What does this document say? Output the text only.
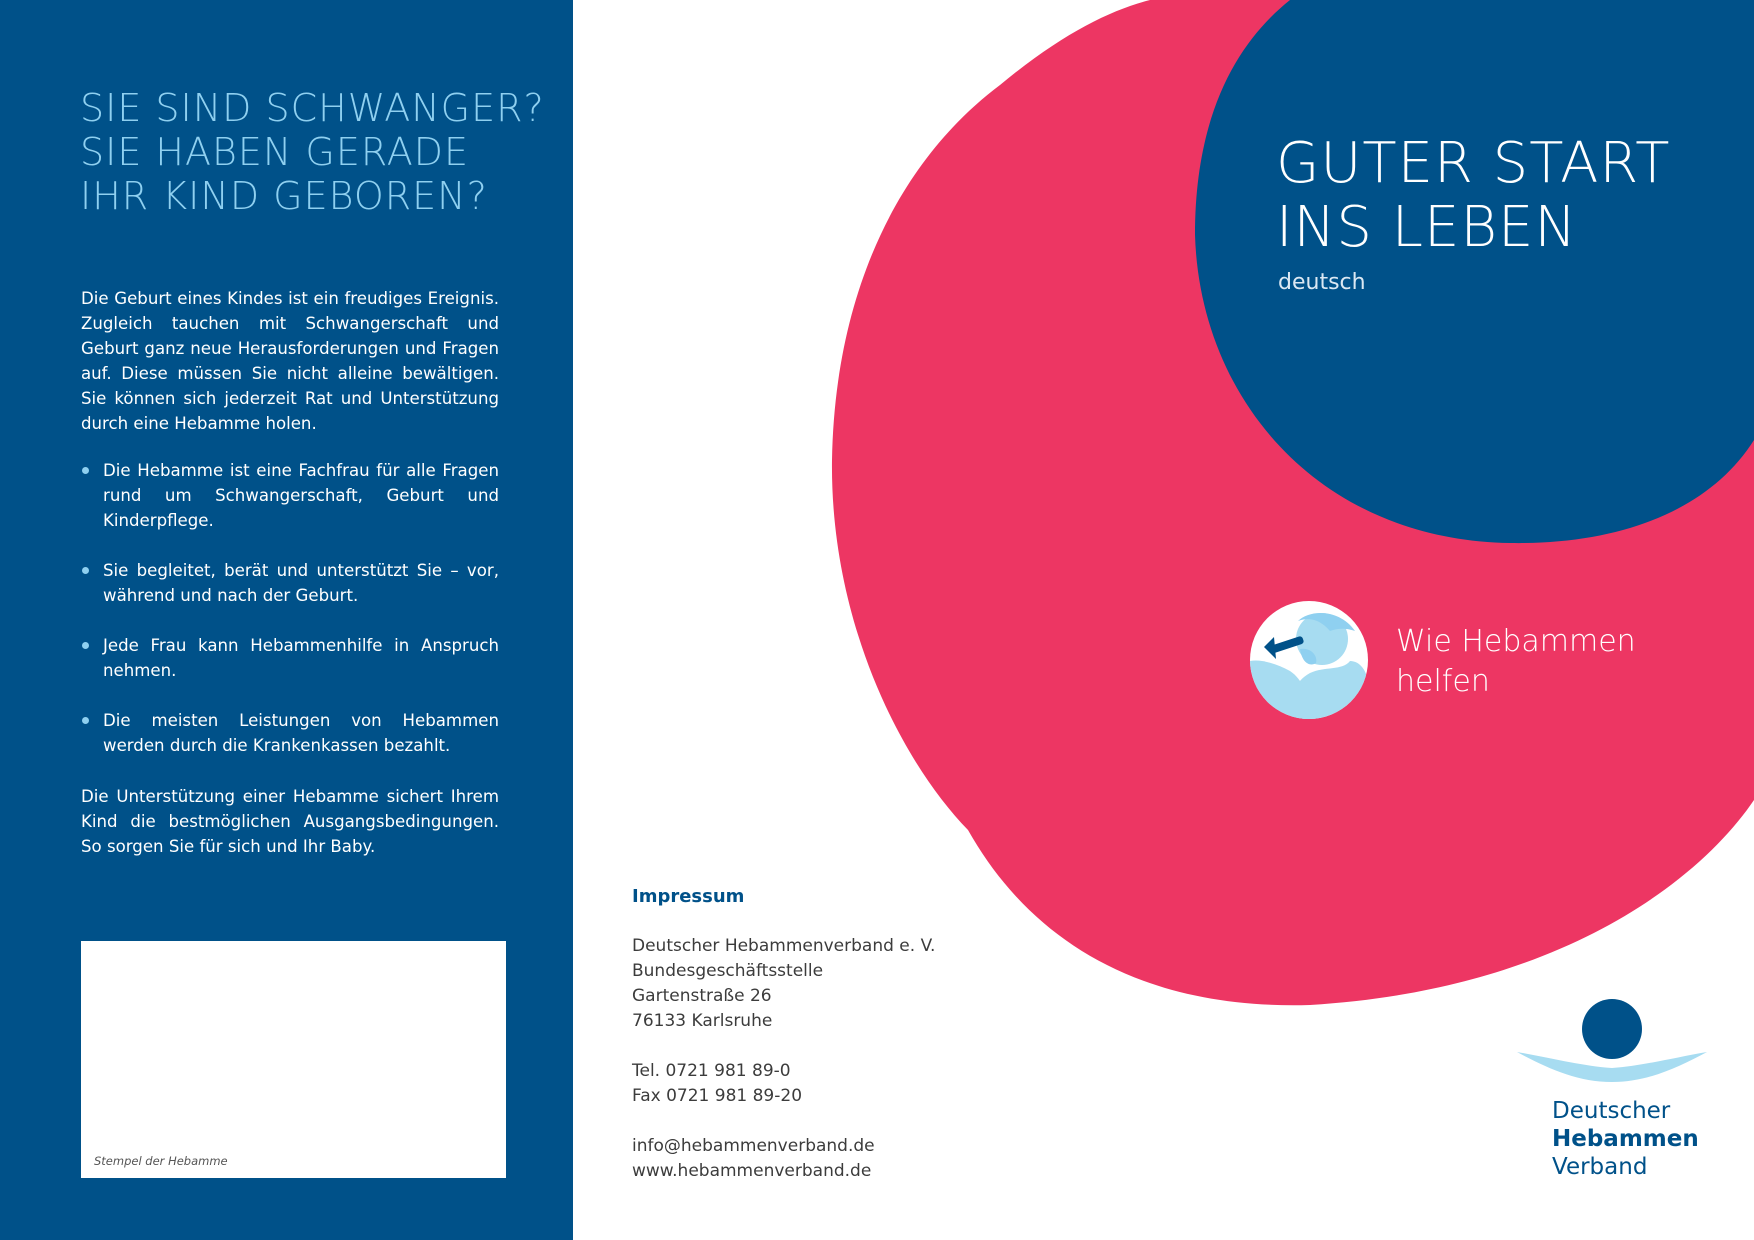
SIE SIND SCHWANGER?
SIE HABEN GERADE
IHR KIND GEBOREN?
Die Geburt eines Kindes ist ein freudiges Ereignis. Zugleich tauchen mit Schwangerschaft und Geburt ganz neue Herausforderungen und Fragen auf. Diese müssen Sie nicht alleine bewältigen. Sie können sich jederzeit Rat und Unterstützung durch eine Hebamme holen.
Die Hebamme ist eine Fachfrau für alle Fragen rund um Schwangerschaft, Geburt und Kinderpflege.
Sie begleitet, berät und unterstützt Sie – vor, während und nach der Geburt.
Jede Frau kann Hebammenhilfe in Anspruch nehmen.
Die meisten Leistungen von Hebammen werden durch die Krankenkassen bezahlt.
Die Unterstützung einer Hebamme sichert Ihrem Kind die bestmöglichen Ausgangsbedingungen. So sorgen Sie für sich und Ihr Baby.
Stempel der Hebamme
GUTER START
INS LEBEN
deutsch
Wie Hebammen
helfen
Impressum
Deutscher Hebammenverband e. V.
Bundesgeschäftsstelle
Gartenstraße 26
76133 Karlsruhe
Tel. 0721 981 89-0
Fax 0721 981 89-20
info@hebammenverband.de
www.hebammenverband.de
Deutscher
Hebammen
Verband
